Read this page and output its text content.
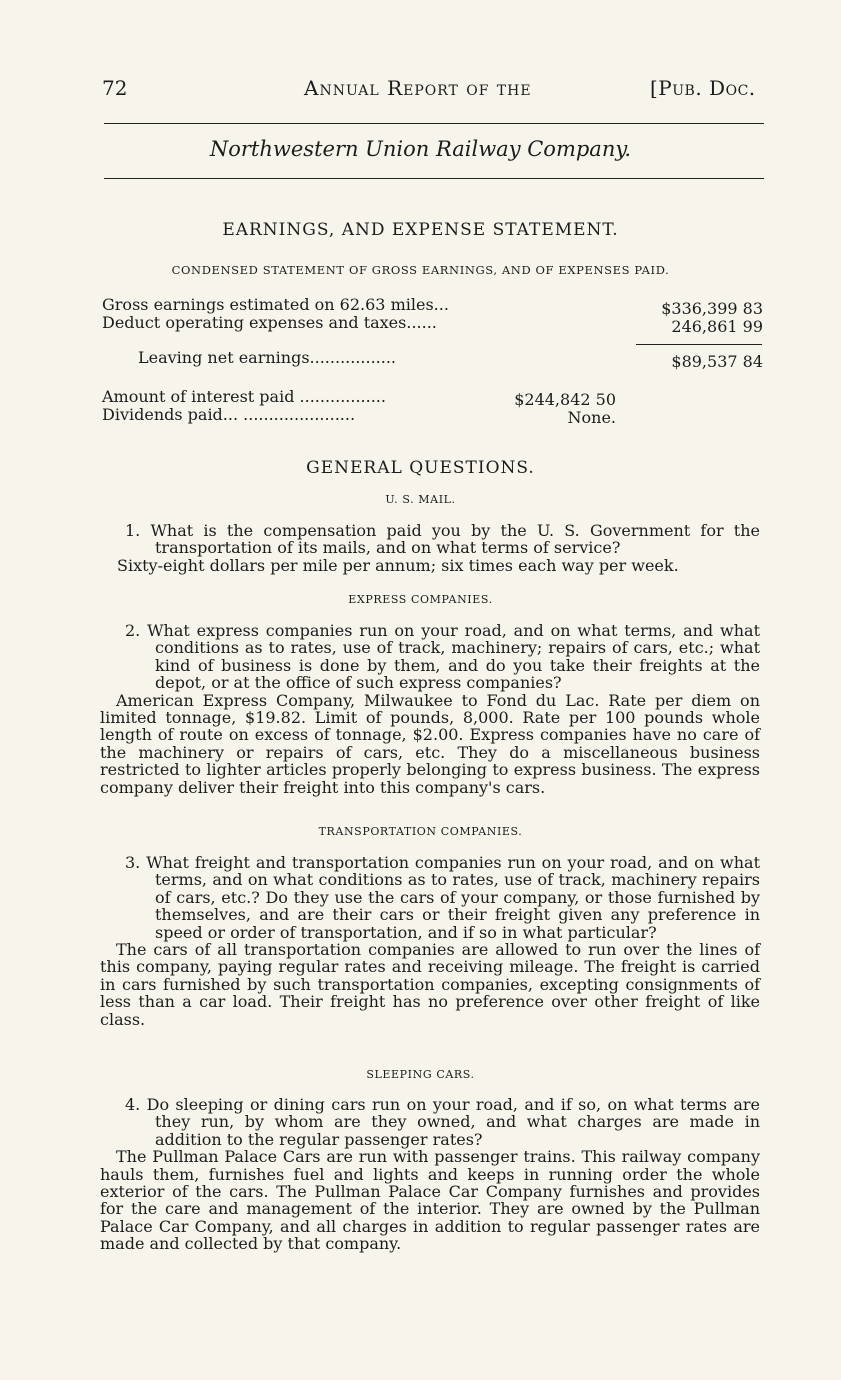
72	Annual Report of the	[Pub. Doc.
Northwestern Union Railway Company.
EARNINGS, AND EXPENSE STATEMENT.
CONDENSED STATEMENT OF GROSS EARNINGS, AND OF EXPENSES PAID.
Gross earnings estimated on 62.63 miles...	$336,399 83
Deduct operating expenses and taxes......	246,861 99
Leaving net earnings.................	$89,537 84
Amount of interest paid .................	$244,842 50
Dividends paid... ......................	None.
GENERAL QUESTIONS.
U. S. MAIL.

1. What is the compensation paid you by the U. S. Government for the transportation of its mails, and on what terms of service?

Sixty-eight dollars per mile per annum; six times each way per week.

EXPRESS COMPANIES.

2. What express companies run on your road, and on what terms, and what conditions as to rates, use of track, machinery; repairs of cars, etc.; what kind of business is done by them, and do you take their freights at the depot, or at the office of such express companies?

American Express Company, Milwaukee to Fond du Lac. Rate per diem on limited tonnage, $19.82. Limit of pounds, 8,000. Rate per 100 pounds whole length of route on excess of tonnage, $2.00. Express companies have no care of the machinery or repairs of cars, etc. They do a miscellaneous business restricted to lighter articles properly belonging to express business. The express company deliver their freight into this company's cars.

TRANSPORTATION COMPANIES.

3. What freight and transportation companies run on your road, and on what terms, and on what conditions as to rates, use of track, machinery repairs of cars, etc.? Do they use the cars of your company, or those furnished by themselves, and are their cars or their freight given any preference in speed or order of transportation, and if so in what particular?

The cars of all transportation companies are allowed to run over the lines of this company, paying regular rates and receiving mileage. The freight is carried in cars furnished by such transportation companies, excepting consignments of less than a car load. Their freight has no preference over other freight of like class.

SLEEPING CARS.

4. Do sleeping or dining cars run on your road, and if so, on what terms are they run, by whom are they owned, and what charges are made in addition to the regular passenger rates?

The Pullman Palace Cars are run with passenger trains. This railway company hauls them, furnishes fuel and lights and keeps in running order the whole exterior of the cars. The Pullman Palace Car Company furnishes and provides for the care and management of the interior. They are owned by the Pullman Palace Car Company, and all charges in addition to regular passenger rates are made and collected by that company.
